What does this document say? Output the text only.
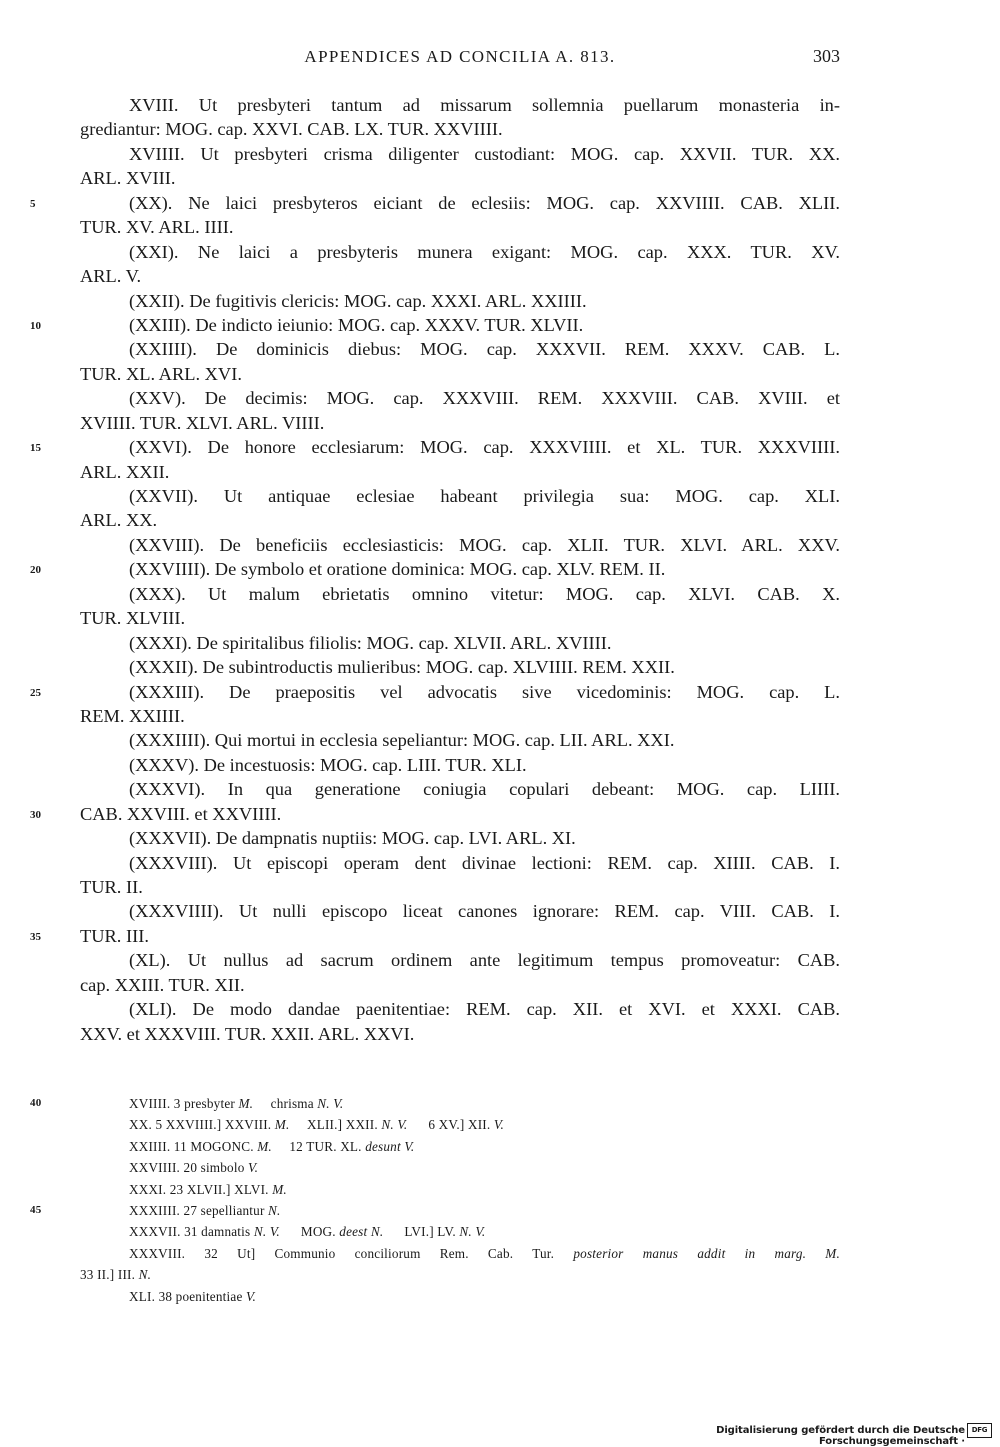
APPENDICES AD CONCILIA A. 813.	303
XVIII. Ut presbyteri tantum ad missarum sollemnia puellarum monasteria in-
grediantur: MOG. cap. XXVI. CAB. LX. TUR. XXVIIII.
XVIIII. Ut presbyteri crisma diligenter custodiant: MOG. cap. XXVII. TUR. XX.
ARL. XVIII.
5	(XX). Ne laici presbyteros eiciant de eclesiis: MOG. cap. XXVIIII. CAB. XLII.
TUR. XV. ARL. IIII.
(XXI). Ne laici a presbyteris munera exigant: MOG. cap. XXX. TUR. XV.
ARL. V.
(XXII). De fugitivis clericis: MOG. cap. XXXI. ARL. XXIIII.
10	(XXIII). De indicto ieiunio: MOG. cap. XXXV. TUR. XLVII.
(XXIIII). De dominicis diebus: MOG. cap. XXXVII. REM. XXXV. CAB. L.
TUR. XL. ARL. XVI.
(XXV). De decimis: MOG. cap. XXXVIII. REM. XXXVIII. CAB. XVIII. et
XVIIII. TUR. XLVI. ARL. VIIII.
15	(XXVI). De honore ecclesiarum: MOG. cap. XXXVIIII. et XL. TUR. XXXVIIII.
ARL. XXII.
(XXVII). Ut antiquae eclesiae habeant privilegia sua: MOG. cap. XLI.
ARL. XX.
(XXVIII). De beneficiis ecclesiasticis: MOG. cap. XLII. TUR. XLVI. ARL. XXV.
20	(XXVIIII). De symbolo et oratione dominica: MOG. cap. XLV. REM. II.
(XXX). Ut malum ebrietatis omnino vitetur: MOG. cap. XLVI. CAB. X.
TUR. XLVIII.
(XXXI). De spiritalibus filiolis: MOG. cap. XLVII. ARL. XVIIII.
(XXXII). De subintroductis mulieribus: MOG. cap. XLVIIII. REM. XXII.
25	(XXXIII). De praepositis vel advocatis sive vicedominis: MOG. cap. L.
REM. XXIIII.
(XXXIIII). Qui mortui in ecclesia sepeliantur: MOG. cap. LII. ARL. XXI.
(XXXV). De incestuosis: MOG. cap. LIII. TUR. XLI.
(XXXVI). In qua generatione coniugia copulari debeant: MOG. cap. LIIII.
30	CAB. XXVIII. et XXVIIII.
(XXXVII). De dampnatis nuptiis: MOG. cap. LVI. ARL. XI.
(XXXVIII). Ut episcopi operam dent divinae lectioni: REM. cap. XIIII. CAB. I.
TUR. II.
(XXXVIIII). Ut nulli episcopo liceat canones ignorare: REM. cap. VIII. CAB. I.
35	TUR. III.
(XL). Ut nullus ad sacrum ordinem ante legitimum tempus promoveatur: CAB.
cap. XXIII. TUR. XII.
(XLI). De modo dandae paenitentiae: REM. cap. XII. et XVI. et XXXI. CAB.
XXV. et XXXVIII. TUR. XXII. ARL. XXVI.
40	XVIIII. 3 presbyter M.     chrisma N. V.
XX. 5 XXVIIII.] XXVIII. M.     XLII.] XXII. N. V.      6 XV.] XII. V.
XXIIII. 11 MOGONC. M.     12 TUR. XL. desunt V.
XXVIIII. 20 simbolo V.
XXXI. 23 XLVII.] XLVI. M.
45	XXXIIII. 27 sepelliantur N.
XXXVII. 31 damnatis N. V.      MOG. deest N.      LVI.] LV. N. V.
XXXVIII. 32 Ut] Communio conciliorum Rem. Cab. Tur. posterior manus addit in marg. M.
33 II.] III. N.
XLI. 38 poenitentiae V.
Digitalisierung gefördert durch die Deutsche Forschungsgemeinschaft ·
DFG
